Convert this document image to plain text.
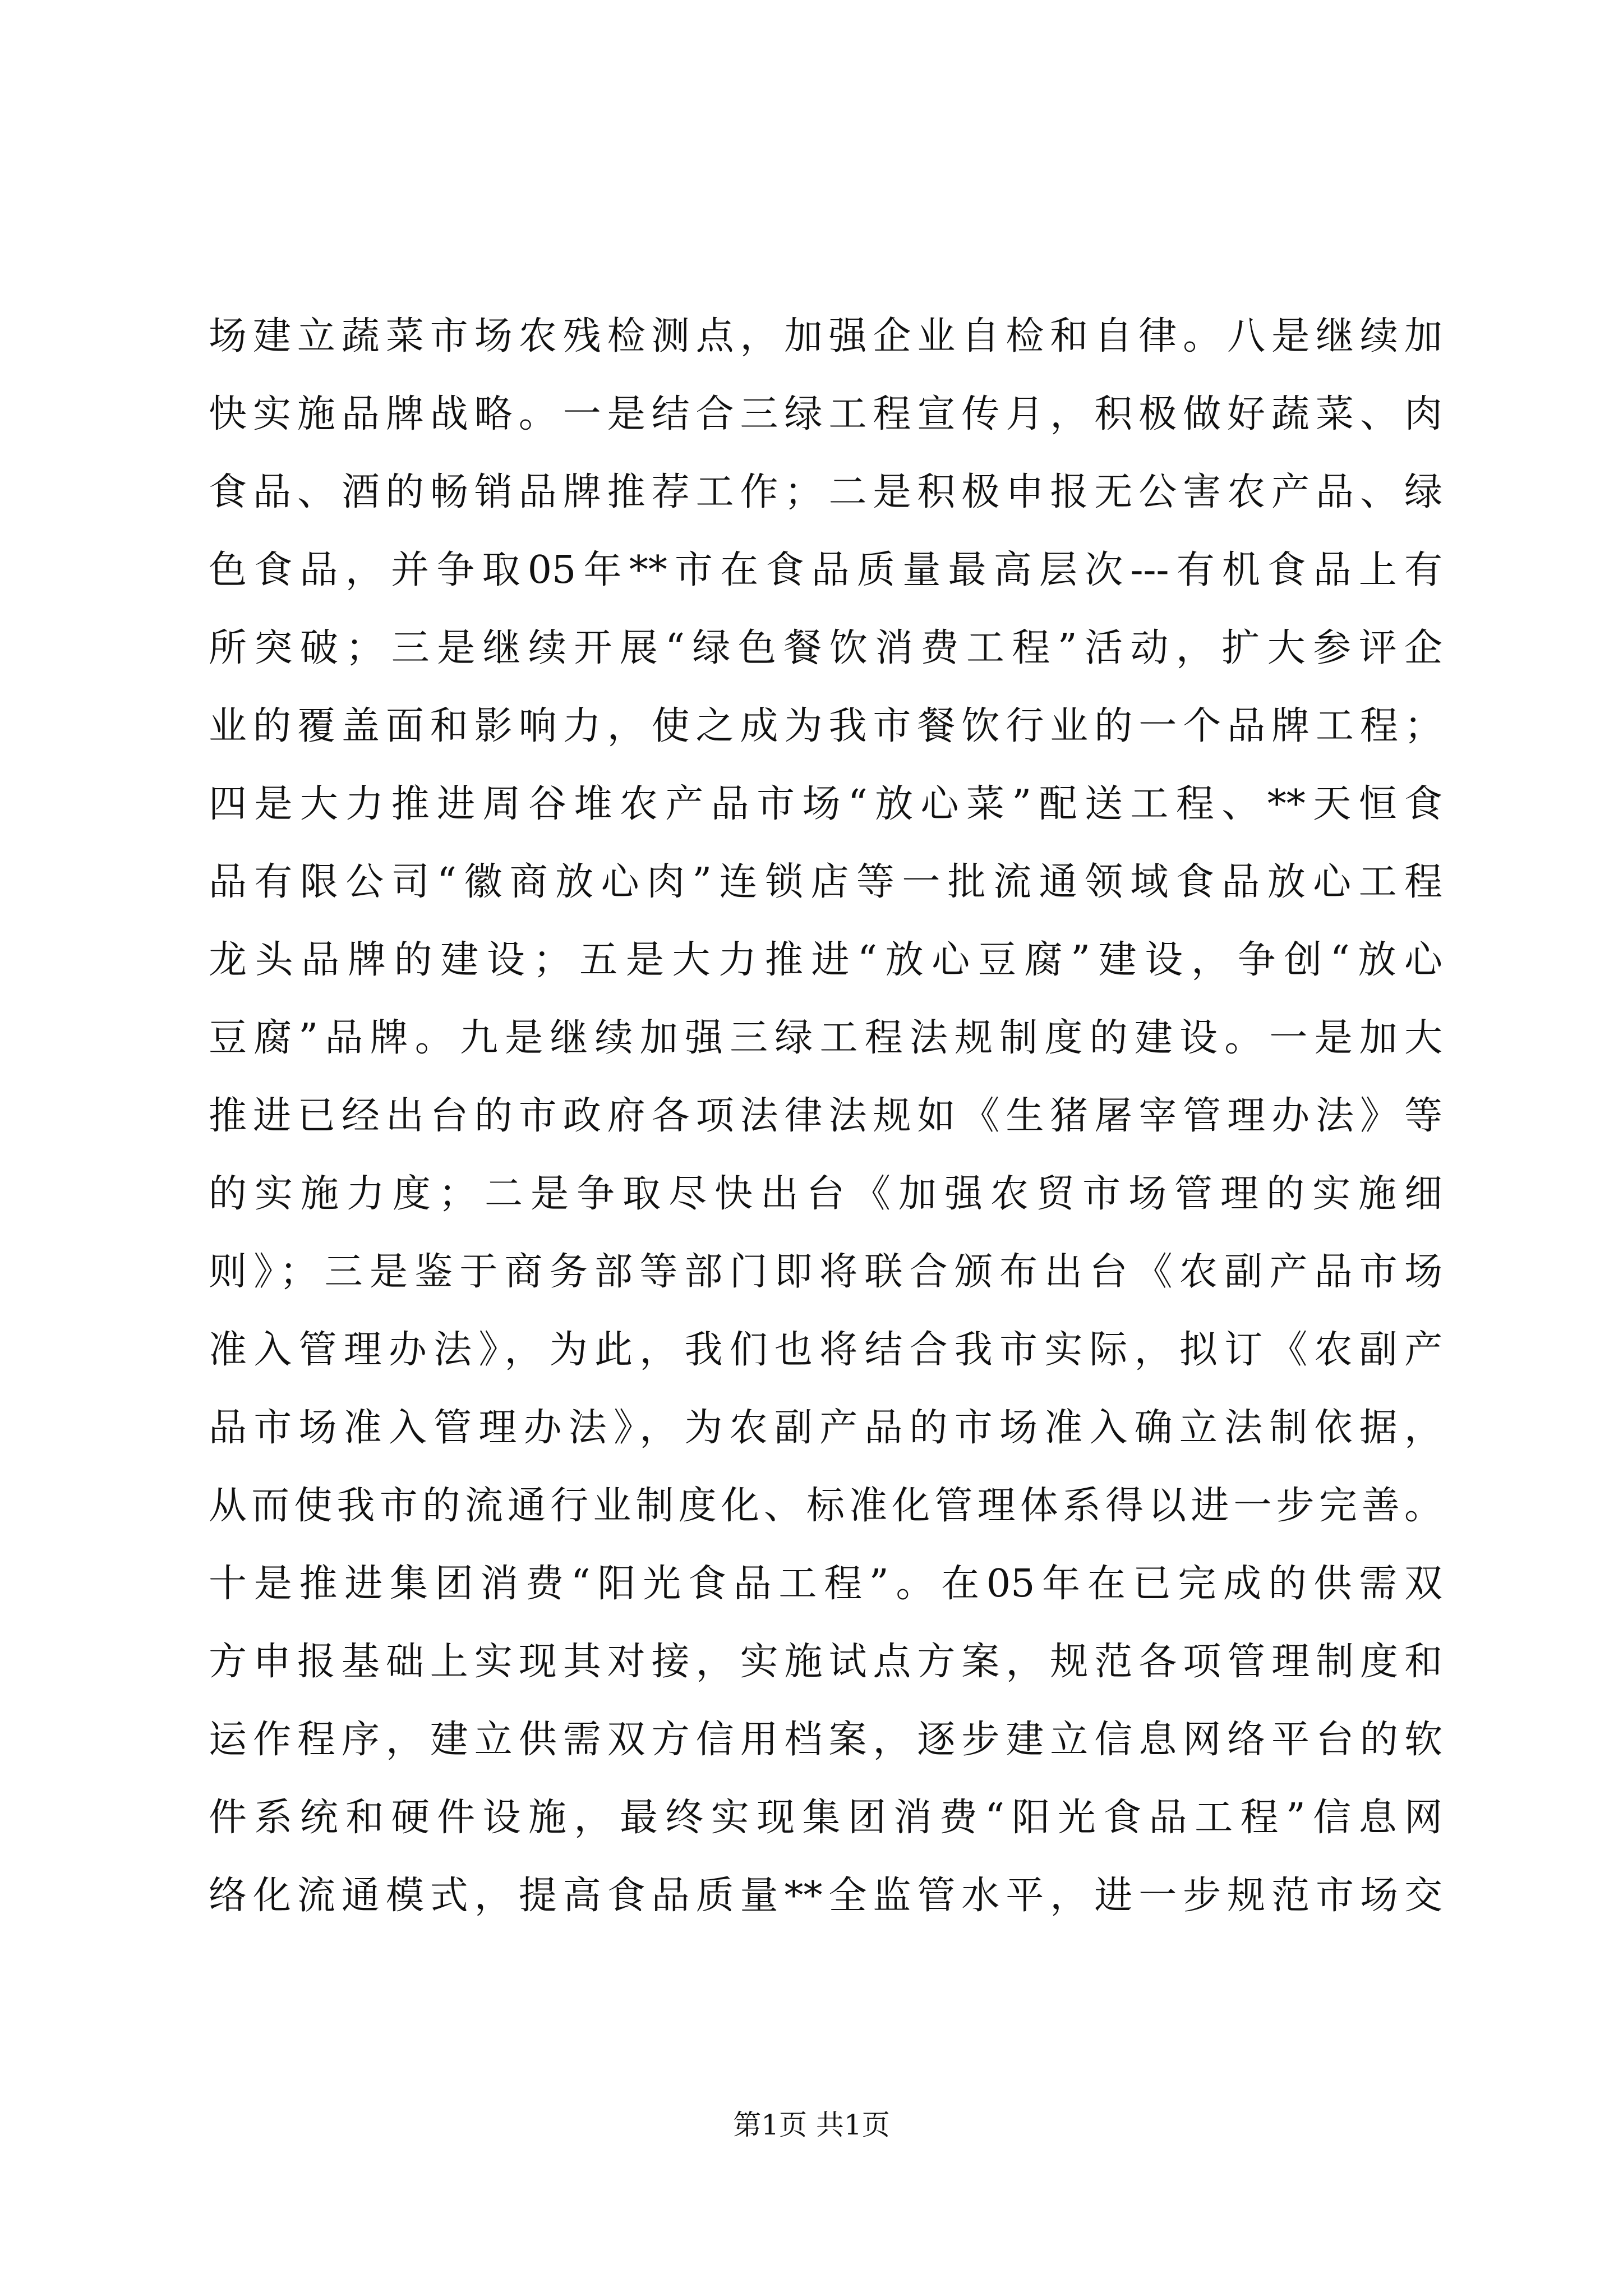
场建立蔬菜市场农残检测点，加强企业自检和自律。八是继续加
快实施品牌战略。一是结合三绿工程宣传月，积极做好蔬菜、肉
食品、酒的畅销品牌推荐工作；二是积极申报无公害农产品、绿
色食品，并争取05年**市在食品质量最高层次---有机食品上有
所突破；三是继续开展“绿色餐饮消费工程”活动，扩大参评企
业的覆盖面和影响力，使之成为我市餐饮行业的一个品牌工程；
四是大力推进周谷堆农产品市场“放心菜”配送工程、**天恒食
品有限公司“徽商放心肉”连锁店等一批流通领域食品放心工程
龙头品牌的建设；五是大力推进“放心豆腐”建设，争创“放心
豆腐”品牌。九是继续加强三绿工程法规制度的建设。一是加大
推进已经出台的市政府各项法律法规如《生猪屠宰管理办法》等
的实施力度；二是争取尽快出台《加强农贸市场管理的实施细
则》；三是鉴于商务部等部门即将联合颁布出台《农副产品市场
准入管理办法》，为此，我们也将结合我市实际，拟订《农副产
品市场准入管理办法》，为农副产品的市场准入确立法制依据，
从而使我市的流通行业制度化、标准化管理体系得以进一步完善。
十是推进集团消费“阳光食品工程”。在05年在已完成的供需双
方申报基础上实现其对接，实施试点方案，规范各项管理制度和
运作程序，建立供需双方信用档案，逐步建立信息网络平台的软
件系统和硬件设施，最终实现集团消费“阳光食品工程”信息网
络化流通模式，提高食品质量**全监管水平，进一步规范市场交
第1页 共1页
